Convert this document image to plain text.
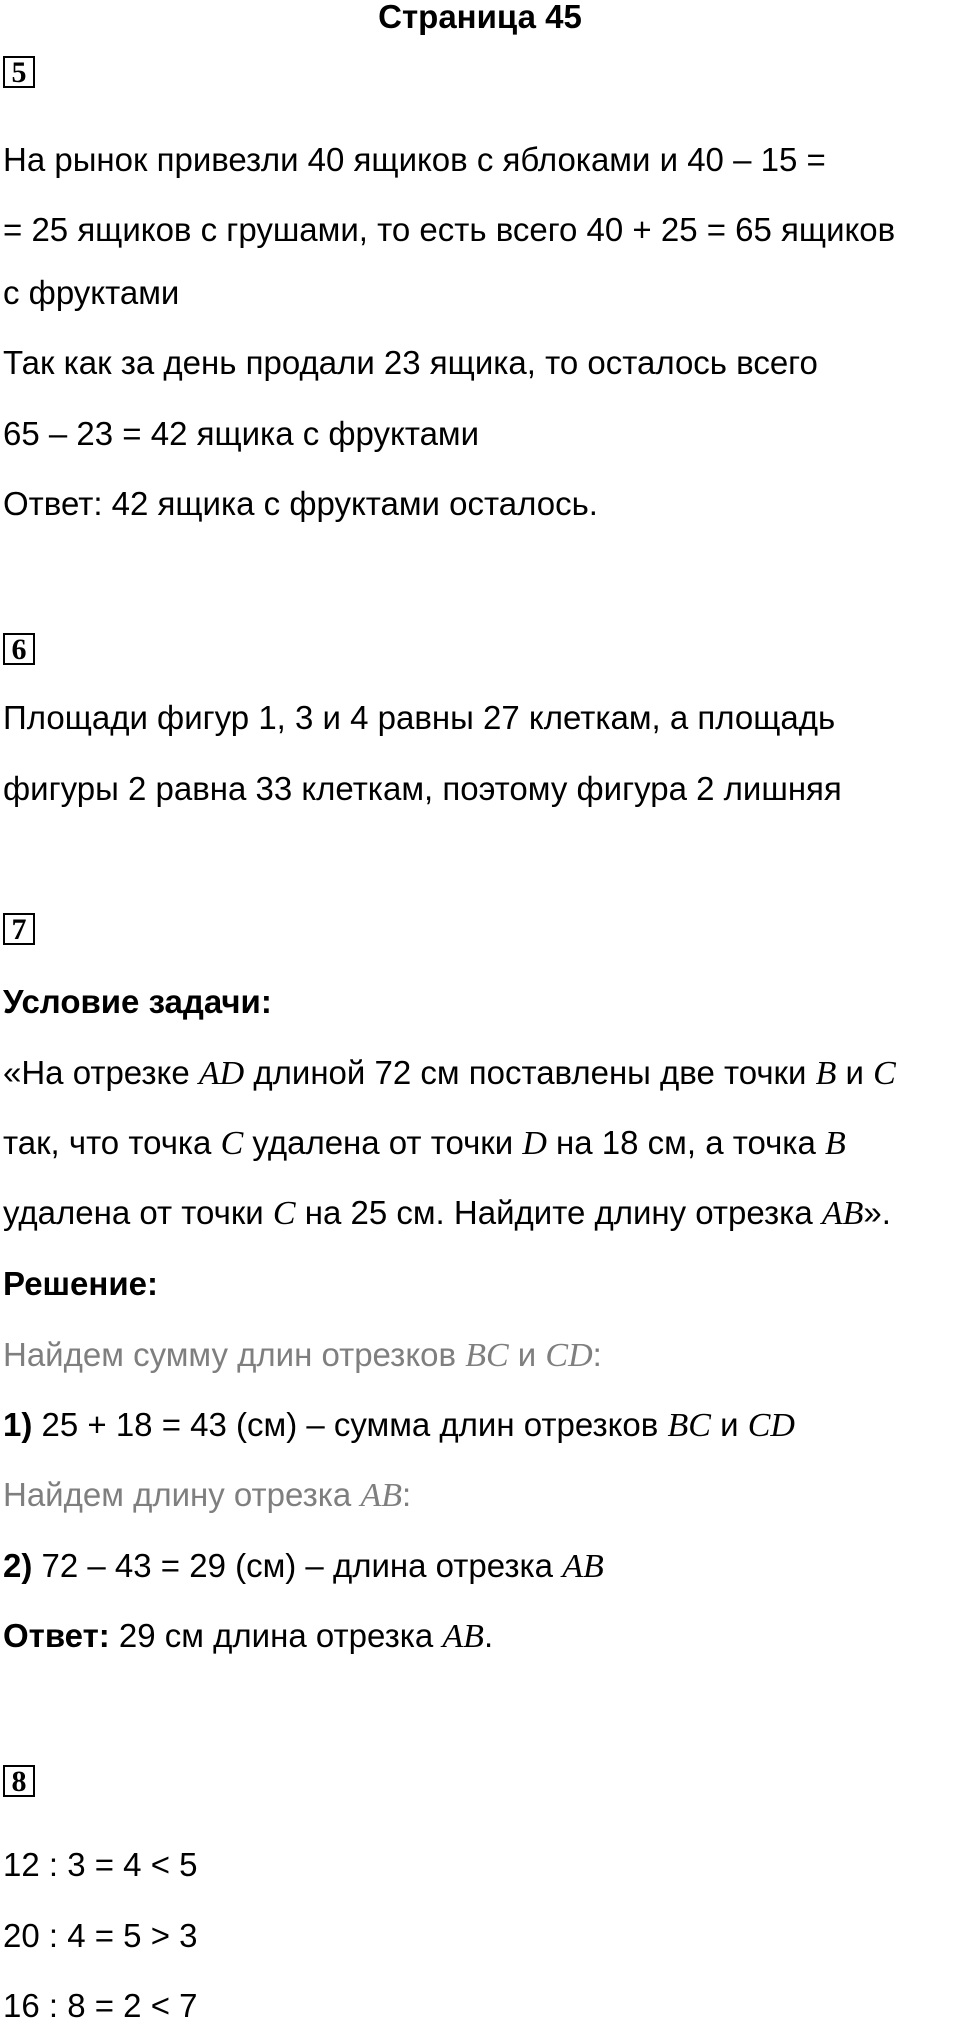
Страница 45
5
На рынок привезли 40 ящиков с яблоками и 40 – 15 =
= 25 ящиков с грушами, то есть всего 40 + 25 = 65 ящиков
с фруктами
Так как за день продали 23 ящика, то осталось всего
65 – 23 = 42 ящика с фруктами
Ответ: 42 ящика с фруктами осталось.
6
Площади фигур 1, 3 и 4 равны 27 клеткам, а площадь
фигуры 2 равна 33 клеткам, поэтому фигура 2 лишняя
7
Условие задачи:
«На отрезке AD длиной 72 см поставлены две точки B и C
так, что точка C удалена от точки D на 18 см, а точка B
удалена от точки C на 25 см. Найдите длину отрезка AB».
Решение:
Найдем сумму длин отрезков BC и CD:
1) 25 + 18 = 43 (см) – сумма длин отрезков BC и CD
Найдем длину отрезка AB:
2) 72 – 43 = 29 (см) – длина отрезка AB
Ответ: 29 см длина отрезка AB.
8
12 : 3 = 4 < 5
20 : 4 = 5 > 3
16 : 8 = 2 < 7
